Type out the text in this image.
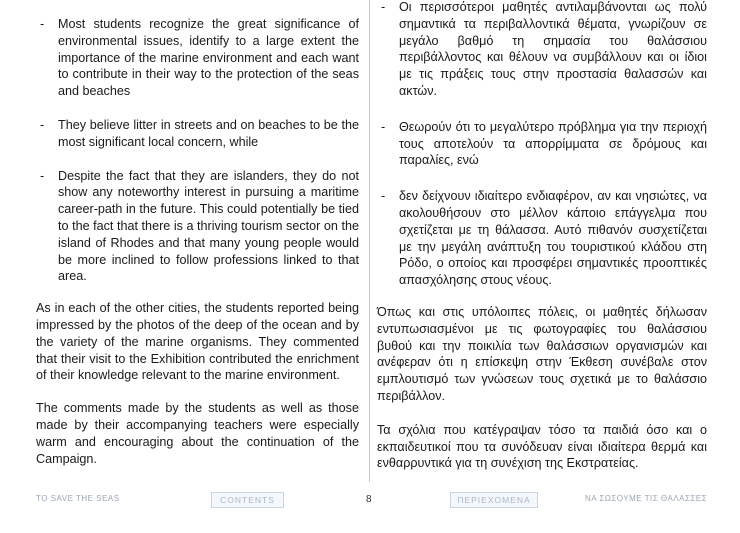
- Most students recognize the great significance of environmental issues, identify to a large extent the importance of the marine environment and each want to contribute in their way to the protection of the seas and beaches
- They believe litter in streets and on beaches to be the most significant local concern, while
- Despite the fact that they are islanders, they do not show any noteworthy interest in pursuing a maritime career-path in the future. This could potentially be tied to the fact that there is a thriving tourism sector on the island of Rhodes and that many young people would be more inclined to follow professions linked to that area.

As in each of the other cities, the students reported being impressed by the photos of the deep of the ocean and by the variety of the marine organisms. They commented that their visit to the Exhibition contributed the enrichment of their knowledge relevant to the marine environment.

The comments made by the students as well as those made by their accompanying teachers were especially warm and encouraging about the continuation of the Campaign.

- Οι περισσότεροι μαθητές αντιλαμβάνονται ως πολύ σημαντικά τα περιβαλλοντικά θέματα, γνωρίζουν σε μεγάλο βαθμό τη σημασία του θαλάσσιου περιβάλλοντος και θέλουν να συμβάλλουν και οι ίδιοι με τις πράξεις τους στην προστασία θαλασσών και ακτών.
- Θεωρούν ότι το μεγαλύτερο πρόβλημα για την περιοχή τους αποτελούν τα απορρίμματα σε δρόμους και παραλίες, ενώ
- δεν δείχνουν ιδιαίτερο ενδιαφέρον, αν και νησιώτες, να ακολουθήσουν στο μέλλον κάποιο επάγγελμα που σχετίζεται με τη θάλασσα. Αυτό πιθανόν συσχετίζεται με την μεγάλη ανάπτυξη του τουριστικού κλάδου στη Ρόδο, ο οποίος και προσφέρει σημαντικές προοπτικές απασχόλησης στους νέους.

Όπως και στις υπόλοιπες πόλεις, οι μαθητές δήλωσαν εντυπωσιασμένοι με τις φωτογραφίες του θαλάσσιου βυθού και την ποικιλία των θαλάσσιων οργανισμών και ανέφεραν ότι η επίσκεψη στην Έκθεση συνέβαλε στον εμπλουτισμό των γνώσεων τους σχετικά με το θαλάσσιο περιβάλλον.

Τα σχόλια που κατέγραψαν τόσο τα παιδιά όσο και ο εκπαιδευτικοί που τα συνόδευαν είναι ιδιαίτερα θερμά και ενθαρρυντικά για τη συνέχιση της Εκστρατείας.

TO SAVE THE SEAS	CONTENTS	8	ΠΕΡΙΕΧΟΜΕΝΑ	ΝΑ ΣΩΣΟΥΜΕ ΤΙΣ ΘΑΛΑΣΣΕΣ
